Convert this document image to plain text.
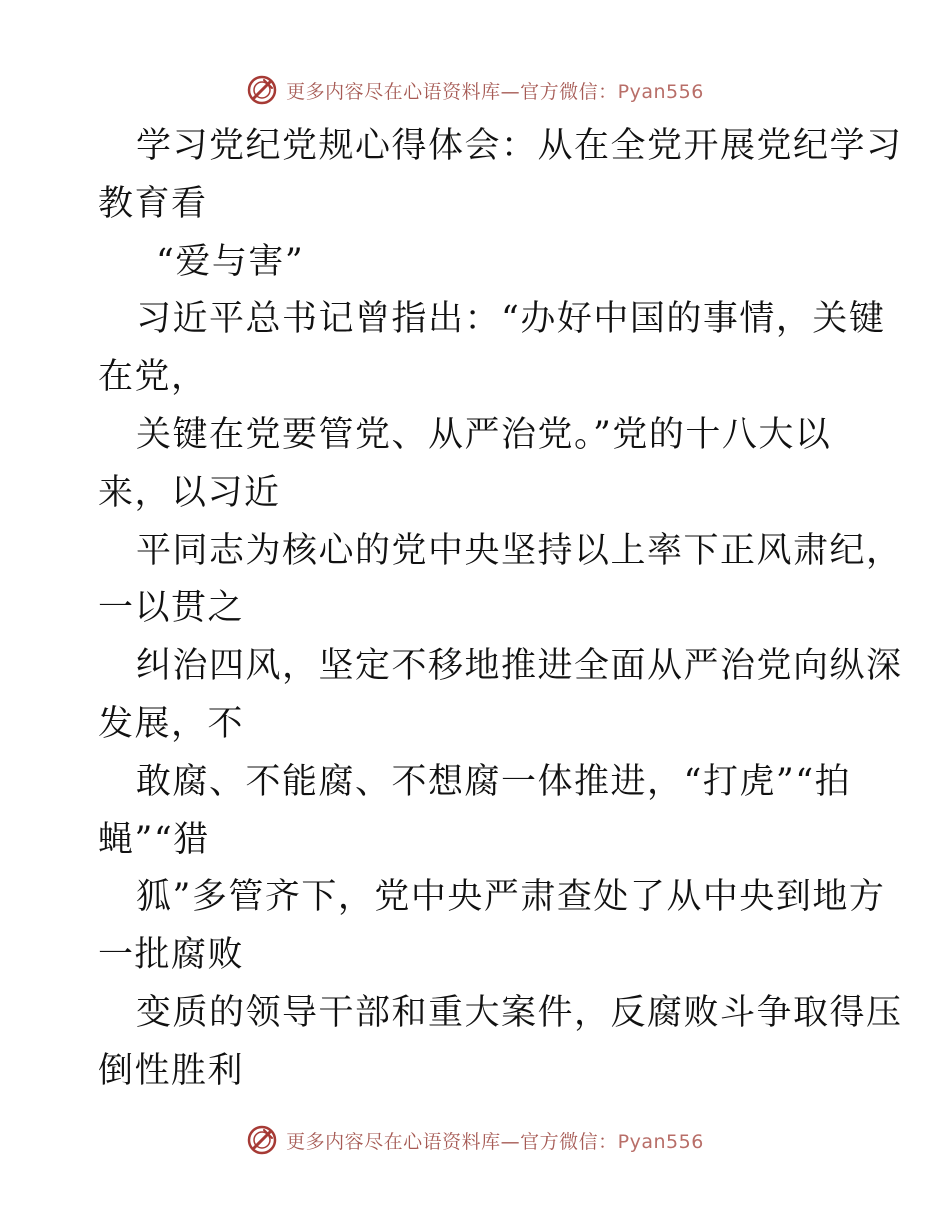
更多内容尽在心语资料库—官方微信：Pyan556
学习党纪党规心得体会：从在全党开展党纪学习
教育看
“爱与害”
习近平总书记曾指出：“办好中国的事情，关键
在党，
关键在党要管党、从严治党。”党的十八大以
来，以习近
平同志为核心的党中央坚持以上率下正风肃纪，
一以贯之
纠治四风，坚定不移地推进全面从严治党向纵深
发展，不
敢腐、不能腐、不想腐一体推进，“打虎”“拍
蝇”“猎
狐”多管齐下，党中央严肃查处了从中央到地方
一批腐败
变质的领导干部和重大案件，反腐败斗争取得压
倒性胜利
更多内容尽在心语资料库—官方微信：Pyan556
